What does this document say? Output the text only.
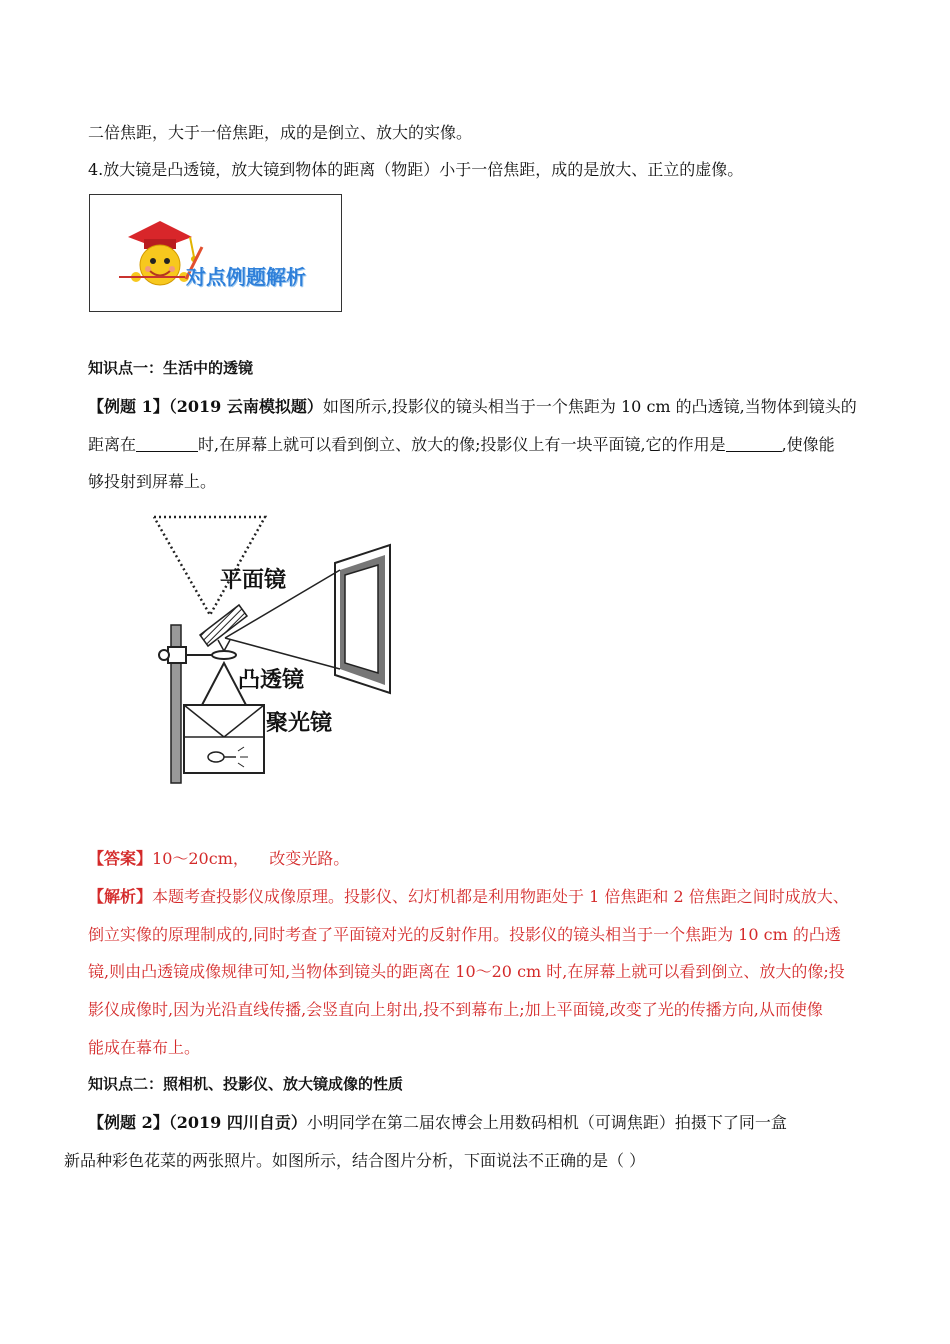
二倍焦距，大于一倍焦距，成的是倒立、放大的实像。
4.放大镜是凸透镜，放大镜到物体的距离（物距）小于一倍焦距，成的是放大、正立的虚像。
对点例题解析
知识点一：生活中的透镜
【例题 1】（2019 云南模拟题）如图所示,投影仪的镜头相当于一个焦距为 10 cm 的凸透镜,当物体到镜头的
距离在	时,在屏幕上就可以看到倒立、放大的像;投影仪上有一块平面镜,它的作用是	,使像能
够投射到屏幕上。
平面镜
凸透镜
聚光镜
【答案】10～20cm，    改变光路。
【解析】本题考查投影仪成像原理。投影仪、幻灯机都是利用物距处于 1 倍焦距和 2 倍焦距之间时成放大、
倒立实像的原理制成的,同时考查了平面镜对光的反射作用。投影仪的镜头相当于一个焦距为 10 cm 的凸透
镜,则由凸透镜成像规律可知,当物体到镜头的距离在 10～20 cm 时,在屏幕上就可以看到倒立、放大的像;投
影仪成像时,因为光沿直线传播,会竖直向上射出,投不到幕布上;加上平面镜,改变了光的传播方向,从而使像
能成在幕布上。
知识点二：照相机、投影仪、放大镜成像的性质
【例题 2】（2019 四川自贡）小明同学在第二届农博会上用数码相机（可调焦距）拍摄下了同一盒
新品种彩色花菜的两张照片。如图所示，结合图片分析，下面说法不正确的是（ ）
